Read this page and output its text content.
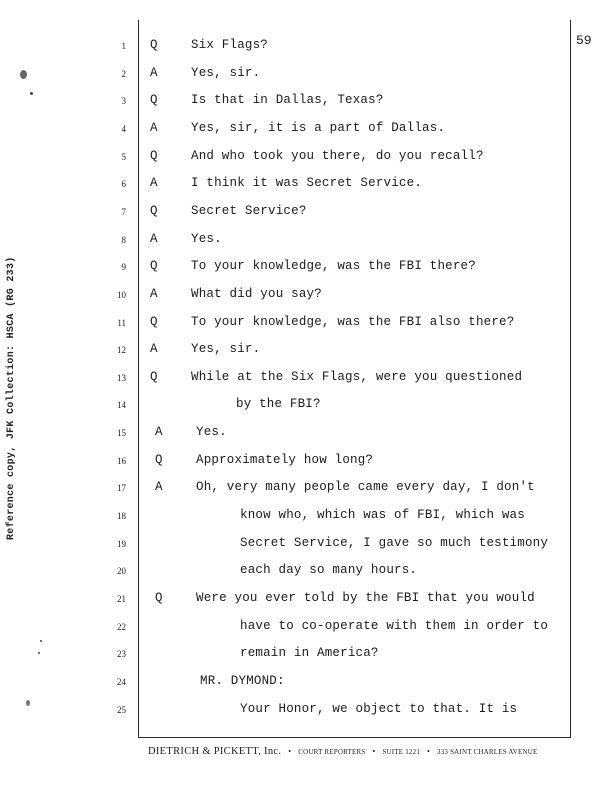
59
Reference copy, JFK Collection: HSCA (RG 233)
1 Q	Six Flags?
2 A	Yes, sir.
3 Q	Is that in Dallas, Texas?
4 A	Yes, sir, it is a part of Dallas.
5 Q	And who took you there, do you recall?
6 A	I think it was Secret Service.
7 Q	Secret Service?
8 A	Yes.
9 Q	To your knowledge, was the FBI there?
10 A	What did you say?
11 Q	To your knowledge, was the FBI also there?
12 A	Yes, sir.
13 Q	While at the Six Flags, were you questioned
14	by the FBI?
15 A	Yes.
16 Q	Approximately how long?
17 A	Oh, very many people came every day, I don't
18	know who, which was of FBI, which was
19	Secret Service, I gave so much testimony
20	each day so many hours.
21 Q	Were you ever told by the FBI that you would
22	have to co-operate with them in order to
23	remain in America?
24	MR. DYMOND:
25	Your Honor, we object to that. It is
DIETRICH & PICKETT, Inc. • COURT REPORTERS • SUITE 1221 • 333 SAINT CHARLES AVENUE
